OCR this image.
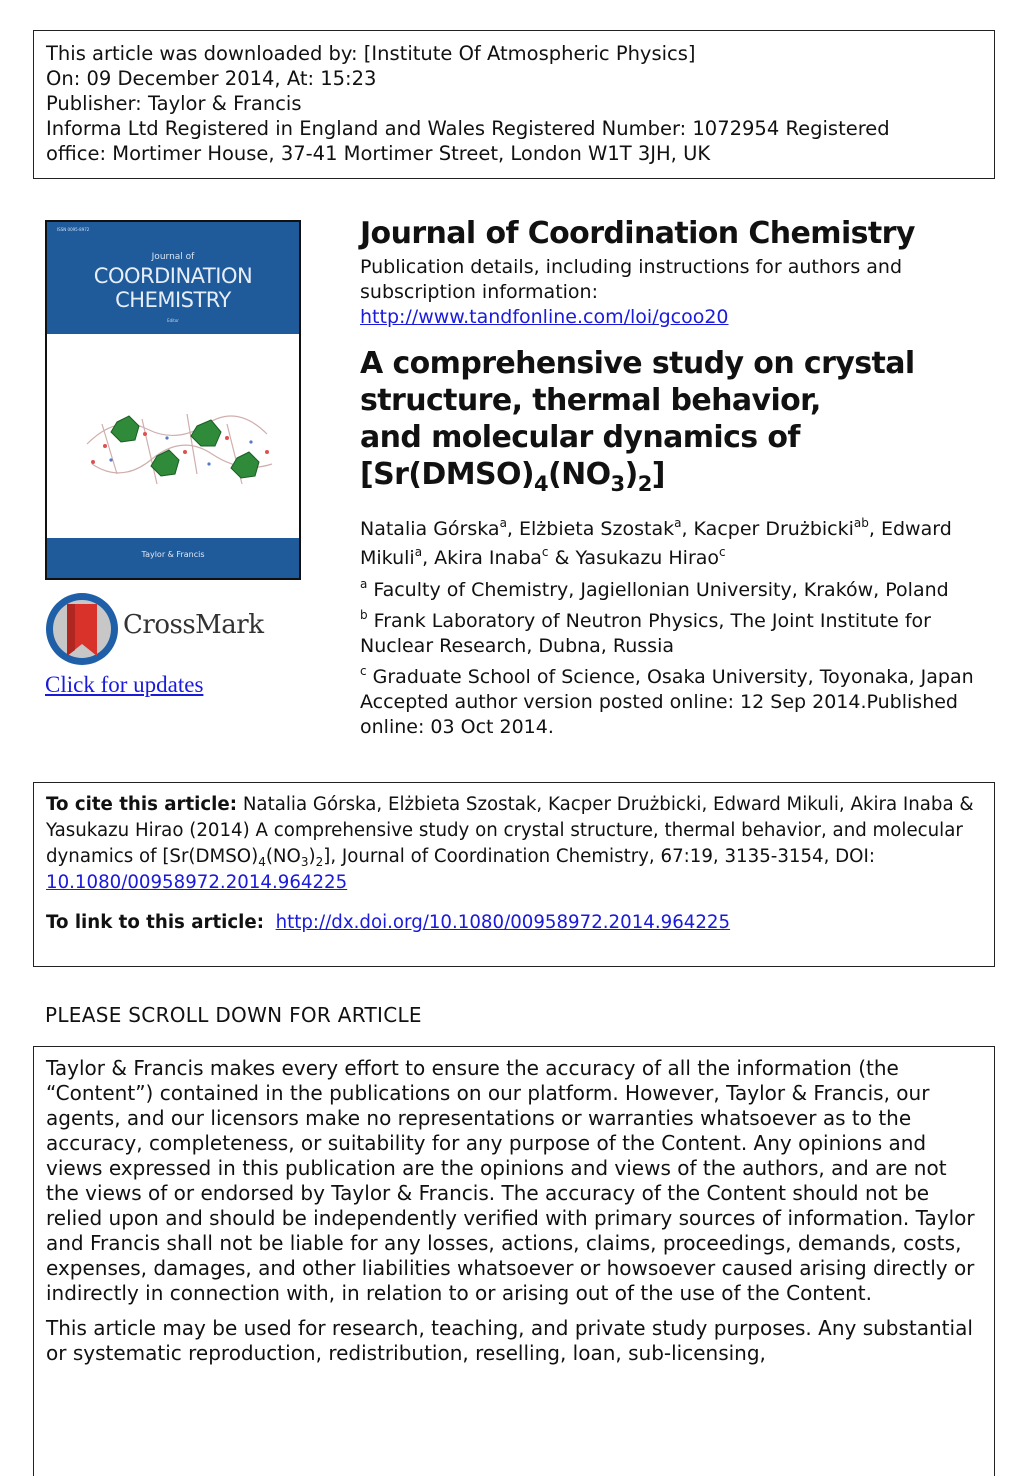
This article was downloaded by: [Institute Of Atmospheric Physics]
On: 09 December 2014, At: 15:23
Publisher: Taylor & Francis
Informa Ltd Registered in England and Wales Registered Number: 1072954 Registered
office: Mortimer House, 37-41 Mortimer Street, London W1T 3JH, UK
ISSN 0095-8972
Journal of
COORDINATION
CHEMISTRY
Editor
Taylor & Francis
CrossMark
Click for updates
Journal of Coordination Chemistry
Publication details, including instructions for authors and subscription information:
http://www.tandfonline.com/loi/gcoo20
A comprehensive study on crystal
structure, thermal behavior,
and molecular dynamics of
$[Sr(DMSO)_4(NO_3)_2]$
Natalia Górska$^a$, Elżbieta Szostak$^a$, Kacper Drużbicki$^{ab}$, Edward Mikuli$^a$, Akira Inaba$^c$ & Yasukazu Hirao$^c$

$^a$ Faculty of Chemistry, Jagiellonian University, Kraków, Poland

$^b$ Frank Laboratory of Neutron Physics, The Joint Institute for Nuclear Research, Dubna, Russia

$^c$ Graduate School of Science, Osaka University, Toyonaka, Japan
Accepted author version posted online: 12 Sep 2014.Published online: 03 Oct 2014.

To cite this article: Natalia Górska, Elżbieta Szostak, Kacper Drużbicki, Edward Mikuli, Akira Inaba & Yasukazu Hirao (2014) A comprehensive study on crystal structure, thermal behavior, and molecular dynamics of $[Sr(DMSO)_4(NO_3)_2]$, Journal of Coordination Chemistry, 67:19, 3135-3154, DOI: 10.1080/00958972.2014.964225
To link to this article: http://dx.doi.org/10.1080/00958972.2014.964225
PLEASE SCROLL DOWN FOR ARTICLE

Taylor & Francis makes every effort to ensure the accuracy of all the information (the “Content”) contained in the publications on our platform. However, Taylor & Francis, our agents, and our licensors make no representations or warranties whatsoever as to the accuracy, completeness, or suitability for any purpose of the Content. Any opinions and views expressed in this publication are the opinions and views of the authors, and are not the views of or endorsed by Taylor & Francis. The accuracy of the Content should not be relied upon and should be independently verified with primary sources of information. Taylor and Francis shall not be liable for any losses, actions, claims, proceedings, demands, costs, expenses, damages, and other liabilities whatsoever or howsoever caused arising directly or indirectly in connection with, in relation to or arising out of the use of the Content.

This article may be used for research, teaching, and private study purposes. Any substantial or systematic reproduction, redistribution, reselling, loan, sub-licensing,
